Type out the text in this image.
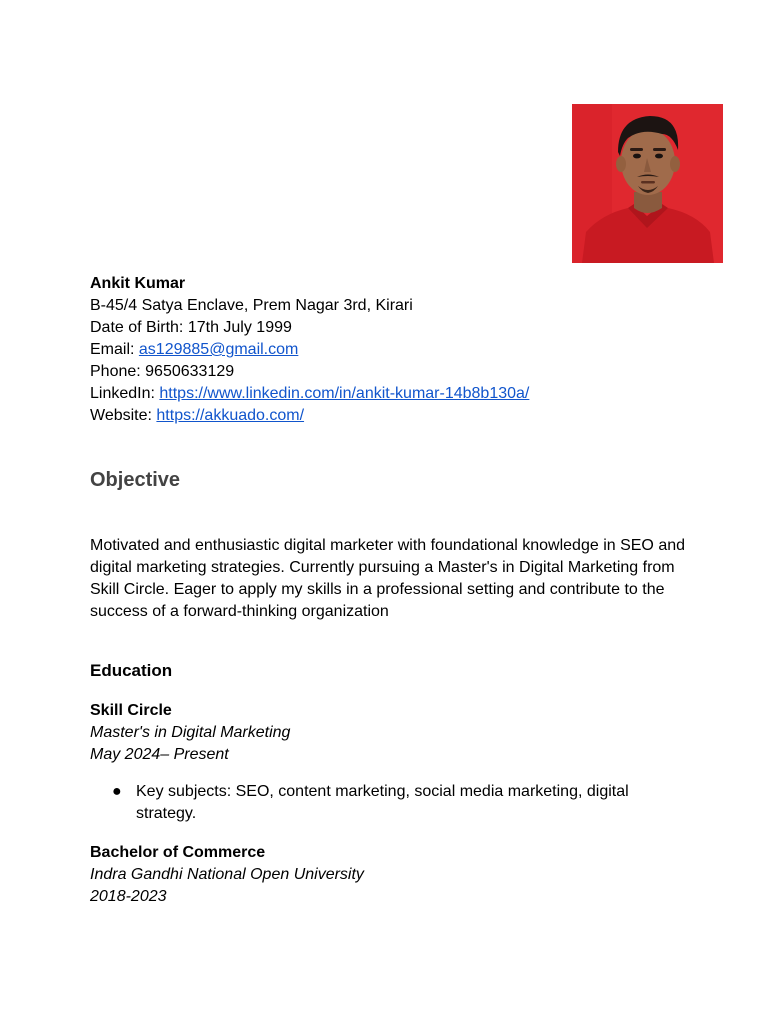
Ankit Kumar
B-45/4 Satya Enclave, Prem Nagar 3rd, Kirari
Date of Birth: 17th July 1999
Email: as129885@gmail.com
Phone: 9650633129
LinkedIn: https://www.linkedin.com/in/ankit-kumar-14b8b130a/
Website: https://akkuado.com/
Objective

Motivated and enthusiastic digital marketer with foundational knowledge in SEO and digital marketing strategies. Currently pursuing a Master's in Digital Marketing from Skill Circle. Eager to apply my skills in a professional setting and contribute to the success of a forward-thinking organization

Education
Skill Circle
Master's in Digital Marketing
May 2024– Present
● Key subjects: SEO, content marketing, social media marketing, digital strategy.
Bachelor of Commerce
Indra Gandhi National Open University
2018-2023
